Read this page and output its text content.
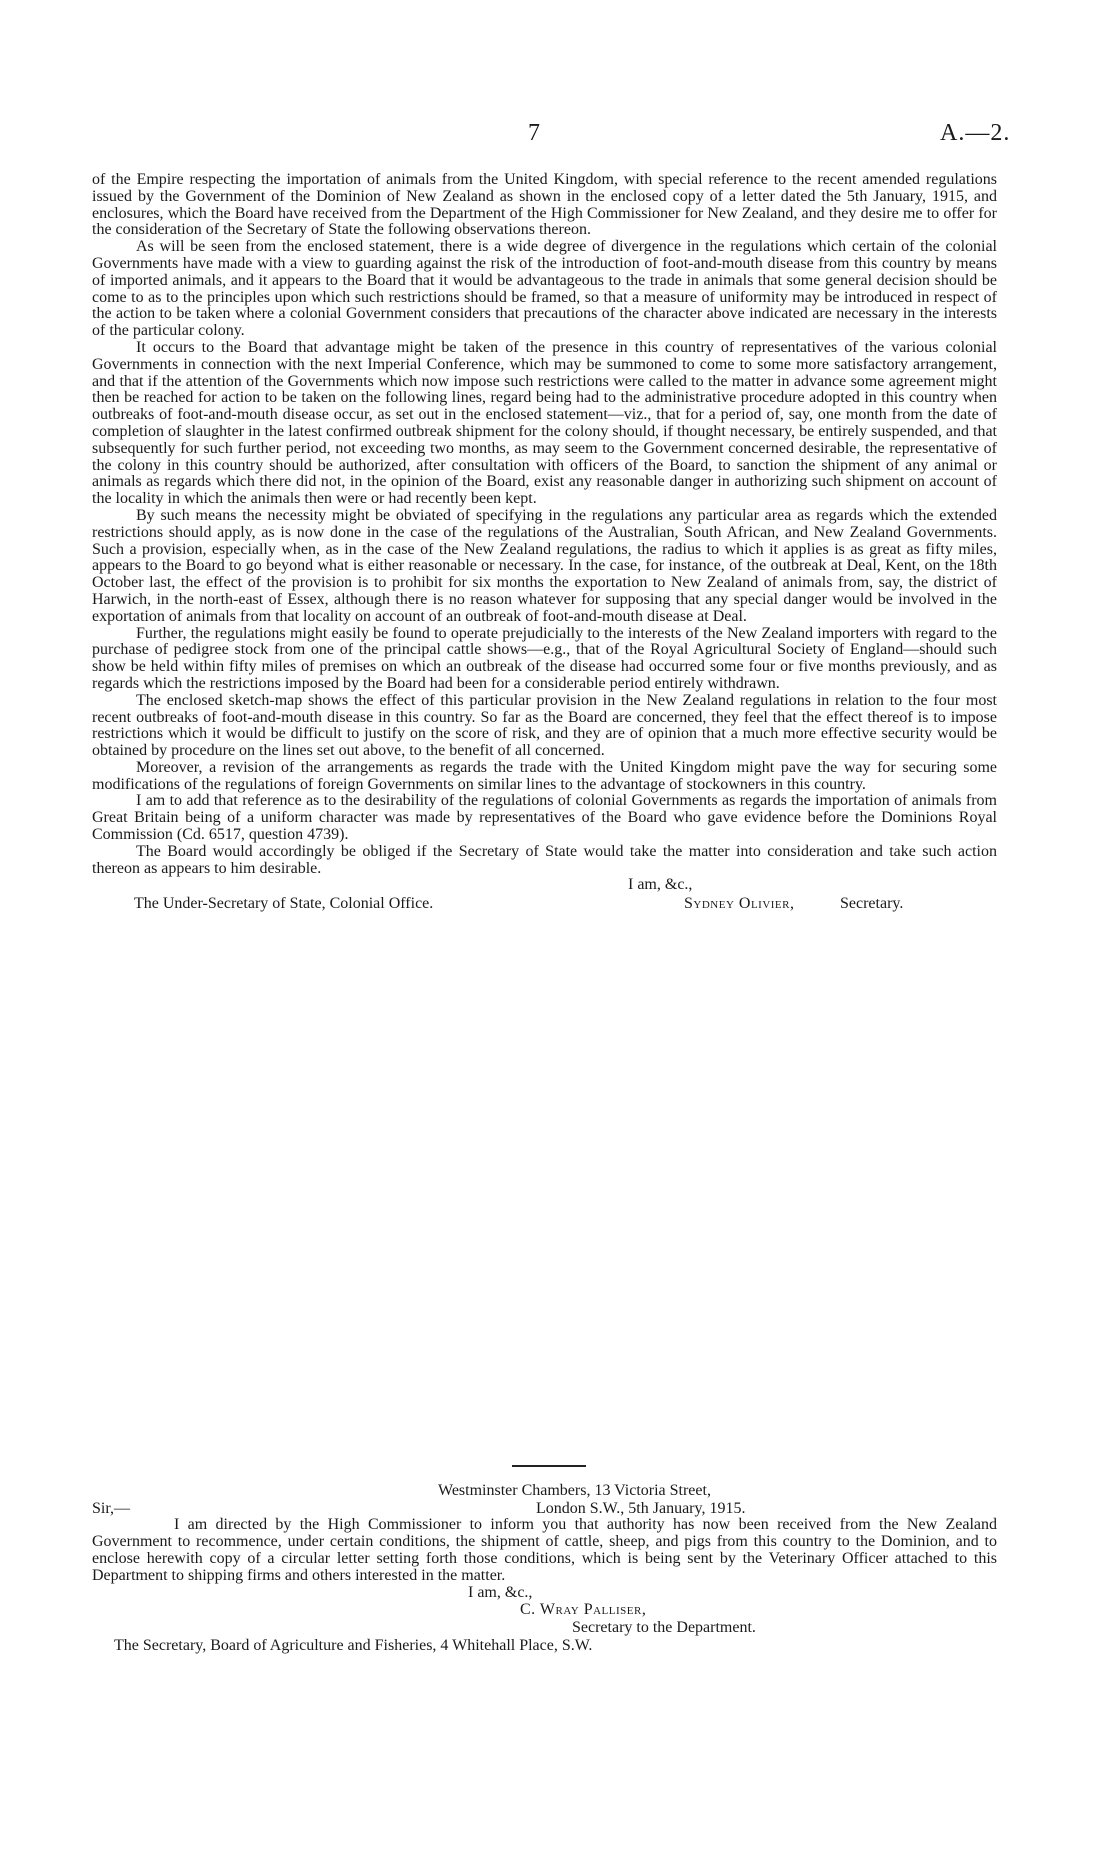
7	A.—2.

of the Empire respecting the importation of animals from the United Kingdom, with special reference to the recent amended regulations issued by the Government of the Dominion of New Zealand as shown in the enclosed copy of a letter dated the 5th January, 1915, and enclosures, which the Board have received from the Department of the High Commissioner for New Zealand, and they desire me to offer for the consideration of the Secretary of State the following observations thereon.

As will be seen from the enclosed statement, there is a wide degree of divergence in the regulations which certain of the colonial Governments have made with a view to guarding against the risk of the introduction of foot-and-mouth disease from this country by means of imported animals, and it appears to the Board that it would be advantageous to the trade in animals that some general decision should be come to as to the principles upon which such restrictions should be framed, so that a measure of uniformity may be introduced in respect of the action to be taken where a colonial Government considers that precautions of the character above indicated are necessary in the interests of the particular colony.

It occurs to the Board that advantage might be taken of the presence in this country of representatives of the various colonial Governments in connection with the next Imperial Conference, which may be summoned to come to some more satisfactory arrangement, and that if the attention of the Governments which now impose such restrictions were called to the matter in advance some agreement might then be reached for action to be taken on the following lines, regard being had to the administrative procedure adopted in this country when outbreaks of foot-and-mouth disease occur, as set out in the enclosed statement—viz., that for a period of, say, one month from the date of completion of slaughter in the latest confirmed outbreak shipment for the colony should, if thought necessary, be entirely suspended, and that subsequently for such further period, not exceeding two months, as may seem to the Government concerned desirable, the representative of the colony in this country should be authorized, after consultation with officers of the Board, to sanction the shipment of any animal or animals as regards which there did not, in the opinion of the Board, exist any reasonable danger in authorizing such shipment on account of the locality in which the animals then were or had recently been kept.

By such means the necessity might be obviated of specifying in the regulations any particular area as regards which the extended restrictions should apply, as is now done in the case of the regulations of the Australian, South African, and New Zealand Governments. Such a provision, especially when, as in the case of the New Zealand regulations, the radius to which it applies is as great as fifty miles, appears to the Board to go beyond what is either reasonable or necessary. In the case, for instance, of the outbreak at Deal, Kent, on the 18th October last, the effect of the provision is to prohibit for six months the exportation to New Zealand of animals from, say, the district of Harwich, in the north-east of Essex, although there is no reason whatever for supposing that any special danger would be involved in the exportation of animals from that locality on account of an outbreak of foot-and-mouth disease at Deal.

Further, the regulations might easily be found to operate prejudicially to the interests of the New Zealand importers with regard to the purchase of pedigree stock from one of the principal cattle shows—e.g., that of the Royal Agricultural Society of England—should such show be held within fifty miles of premises on which an outbreak of the disease had occurred some four or five months previously, and as regards which the restrictions imposed by the Board had been for a considerable period entirely withdrawn.

The enclosed sketch-map shows the effect of this particular provision in the New Zealand regulations in relation to the four most recent outbreaks of foot-and-mouth disease in this country. So far as the Board are concerned, they feel that the effect thereof is to impose restrictions which it would be difficult to justify on the score of risk, and they are of opinion that a much more effective security would be obtained by procedure on the lines set out above, to the benefit of all concerned.

Moreover, a revision of the arrangements as regards the trade with the United Kingdom might pave the way for securing some modifications of the regulations of foreign Governments on similar lines to the advantage of stockowners in this country.

I am to add that reference as to the desirability of the regulations of colonial Governments as regards the importation of animals from Great Britain being of a uniform character was made by representatives of the Board who gave evidence before the Dominions Royal Commission (Cd. 6517, question 4739).

The Board would accordingly be obliged if the Secretary of State would take the matter into consideration and take such action thereon as appears to him desirable.

I am, &c.,
The Under-Secretary of State, Colonial Office.	Sydney Olivier,	Secretary.
Westminster Chambers, 13 Victoria Street,
Sir,—	London S.W., 5th January, 1915.

I am directed by the High Commissioner to inform you that authority has now been received from the New Zealand Government to recommence, under certain conditions, the shipment of cattle, sheep, and pigs from this country to the Dominion, and to enclose herewith copy of a circular letter setting forth those conditions, which is being sent by the Veterinary Officer attached to this Department to shipping firms and others interested in the matter.

I am, &c.,
C. Wray Palliser,
Secretary to the Department.
The Secretary, Board of Agriculture and Fisheries, 4 Whitehall Place, S.W.
